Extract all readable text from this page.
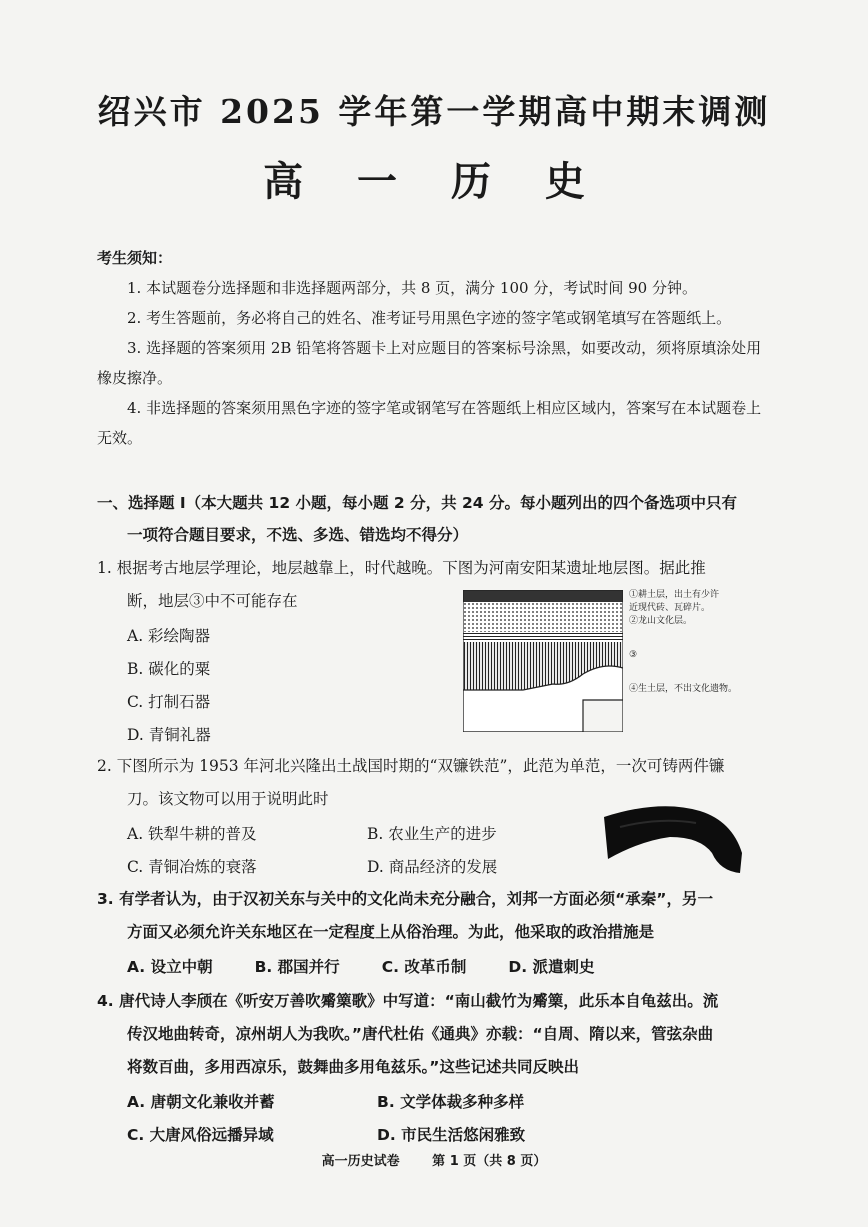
绍兴市 2025 学年第一学期高中期末调测
高 一 历 史
考生须知：
1. 本试题卷分选择题和非选择题两部分，共 8 页，满分 100 分，考试时间 90 分钟。
2. 考生答题前，务必将自己的姓名、准考证号用黑色字迹的签字笔或钢笔填写在答题纸上。
3. 选择题的答案须用 2B 铅笔将答题卡上对应题目的答案标号涂黑，如要改动，须将原填涂处用橡皮擦净。
4. 非选择题的答案须用黑色字迹的签字笔或钢笔写在答题纸上相应区域内，答案写在本试题卷上无效。
一、选择题 I（本大题共 12 小题，每小题 2 分，共 24 分。每小题列出的四个备选项中只有
一项符合题目要求，不选、多选、错选均不得分）
1. 根据考古地层学理论，地层越靠上，时代越晚。下图为河南安阳某遗址地层图。据此推
断，地层③中不可能存在
A. 彩绘陶器
B. 碳化的粟
C. 打制石器
D. 青铜礼器
①耕土层，出土有少许
近现代砖、瓦碎片。
②龙山文化层。
③
④生土层，不出文化遗物。
2. 下图所示为 1953 年河北兴隆出土战国时期的“双镰铁范”，此范为单范，一次可铸两件镰
刀。该文物可以用于说明此时
A. 铁犁牛耕的普及	B. 农业生产的进步
C. 青铜冶炼的衰落	D. 商品经济的发展
3. 有学者认为，由于汉初关东与关中的文化尚未充分融合，刘邦一方面必须“承秦”，另一
方面又必须允许关东地区在一定程度上从俗治理。为此，他采取的政治措施是
A. 设立中朝	B. 郡国并行	C. 改革币制	D. 派遣刺史
4. 唐代诗人李颀在《听安万善吹觱篥歌》中写道：“南山截竹为觱篥，此乐本自龟兹出。流
传汉地曲转奇，凉州胡人为我吹。”唐代杜佑《通典》亦载：“自周、隋以来，管弦杂曲
将数百曲，多用西凉乐，鼓舞曲多用龟兹乐。”这些记述共同反映出
A. 唐朝文化兼收并蓄	B. 文学体裁多种多样
C. 大唐风俗远播异域	D. 市民生活悠闲雅致
高一历史试卷	第 1 页（共 8 页）
